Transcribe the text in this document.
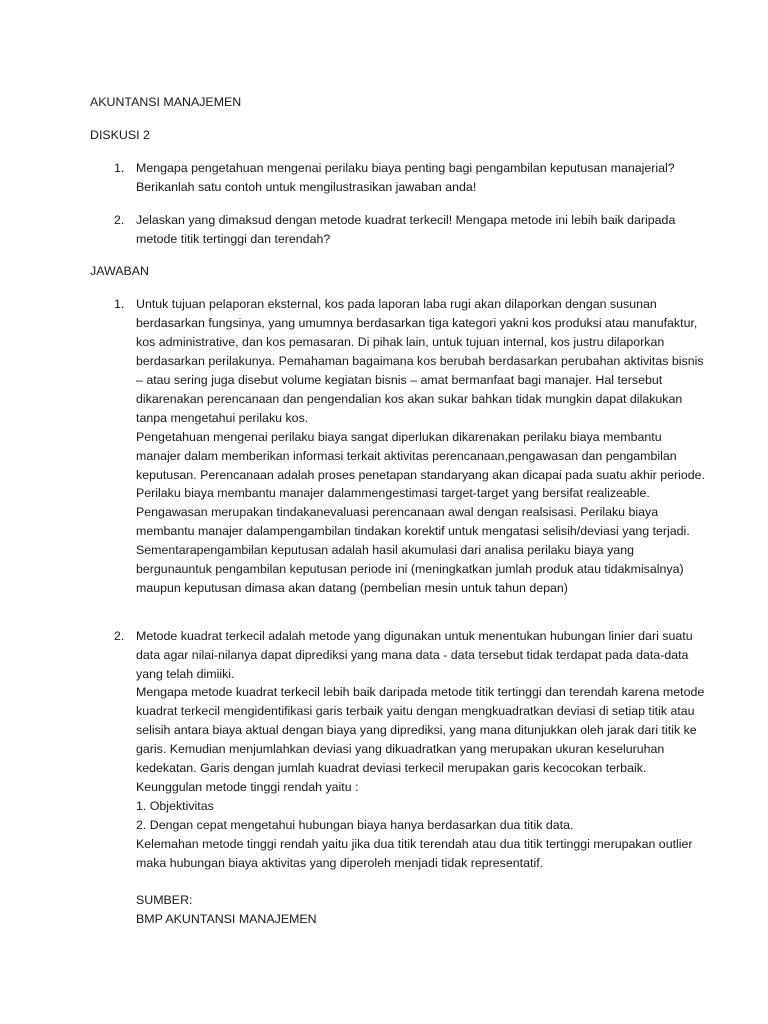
AKUNTANSI MANAJEMEN

DISKUSI 2

1. Mengapa pengetahuan mengenai perilaku biaya penting bagi pengambilan keputusan manajerial? Berikanlah satu contoh untuk mengilustrasikan jawaban anda!
2. Jelaskan yang dimaksud dengan metode kuadrat terkecil! Mengapa metode ini lebih baik daripada metode titik tertinggi dan terendah?

JAWABAN

1. Untuk tujuan pelaporan eksternal, kos pada laporan laba rugi akan dilaporkan dengan susunan berdasarkan fungsinya, yang umumnya berdasarkan tiga kategori yakni kos produksi atau manufaktur, kos administrative, dan kos pemasaran. Di pihak lain, untuk tujuan internal, kos justru dilaporkan berdasarkan perilakunya. Pemahaman bagaimana kos berubah berdasarkan perubahan aktivitas bisnis – atau sering juga disebut volume kegiatan bisnis – amat bermanfaat bagi manajer. Hal tersebut dikarenakan perencanaan dan pengendalian kos akan sukar bahkan tidak mungkin dapat dilakukan tanpa mengetahui perilaku kos.

Pengetahuan mengenai perilaku biaya sangat diperlukan dikarenakan perilaku biaya membantu manajer dalam memberikan informasi terkait aktivitas perencanaan,pengawasan dan pengambilan keputusan. Perencanaan adalah proses penetapan standaryang akan dicapai pada suatu akhir periode. Perilaku biaya membantu manajer dalammengestimasi target-target yang bersifat realizeable. Pengawasan merupakan tindakanevaluasi perencanaan awal dengan realsisasi. Perilaku biaya membantu manajer dalampengambilan tindakan korektif untuk mengatasi selisih/deviasi yang terjadi. Sementarapengambilan keputusan adalah hasil akumulasi dari analisa perilaku biaya yang bergunauntuk pengambilan keputusan periode ini (meningkatkan jumlah produk atau tidakmisalnya) maupun keputusan dimasa akan datang (pembelian mesin untuk tahun depan)

2. Metode kuadrat terkecil adalah metode yang digunakan untuk menentukan hubungan linier dari suatu data agar nilai-nilanya dapat diprediksi yang mana data - data tersebut tidak terdapat pada data-data yang telah dimiiki.

Mengapa metode kuadrat terkecil lebih baik daripada metode titik tertinggi dan terendah karena metode kuadrat terkecil mengidentifikasi garis terbaik yaitu dengan mengkuadratkan deviasi di setiap titik atau selisih antara biaya aktual dengan biaya yang diprediksi, yang mana ditunjukkan oleh jarak dari titik ke garis. Kemudian menjumlahkan deviasi yang dikuadratkan yang merupakan ukuran keseluruhan kedekatan. Garis dengan jumlah kuadrat deviasi terkecil merupakan garis kecocokan terbaik.

Keunggulan metode tinggi rendah yaitu :

1. Objektivitas

2. Dengan cepat mengetahui hubungan biaya hanya berdasarkan dua titik data.

Kelemahan metode tinggi rendah yaitu jika dua titik terendah atau dua titik tertinggi merupakan outlier maka hubungan biaya aktivitas yang diperoleh menjadi tidak representatif.

SUMBER:

BMP AKUNTANSI MANAJEMEN
